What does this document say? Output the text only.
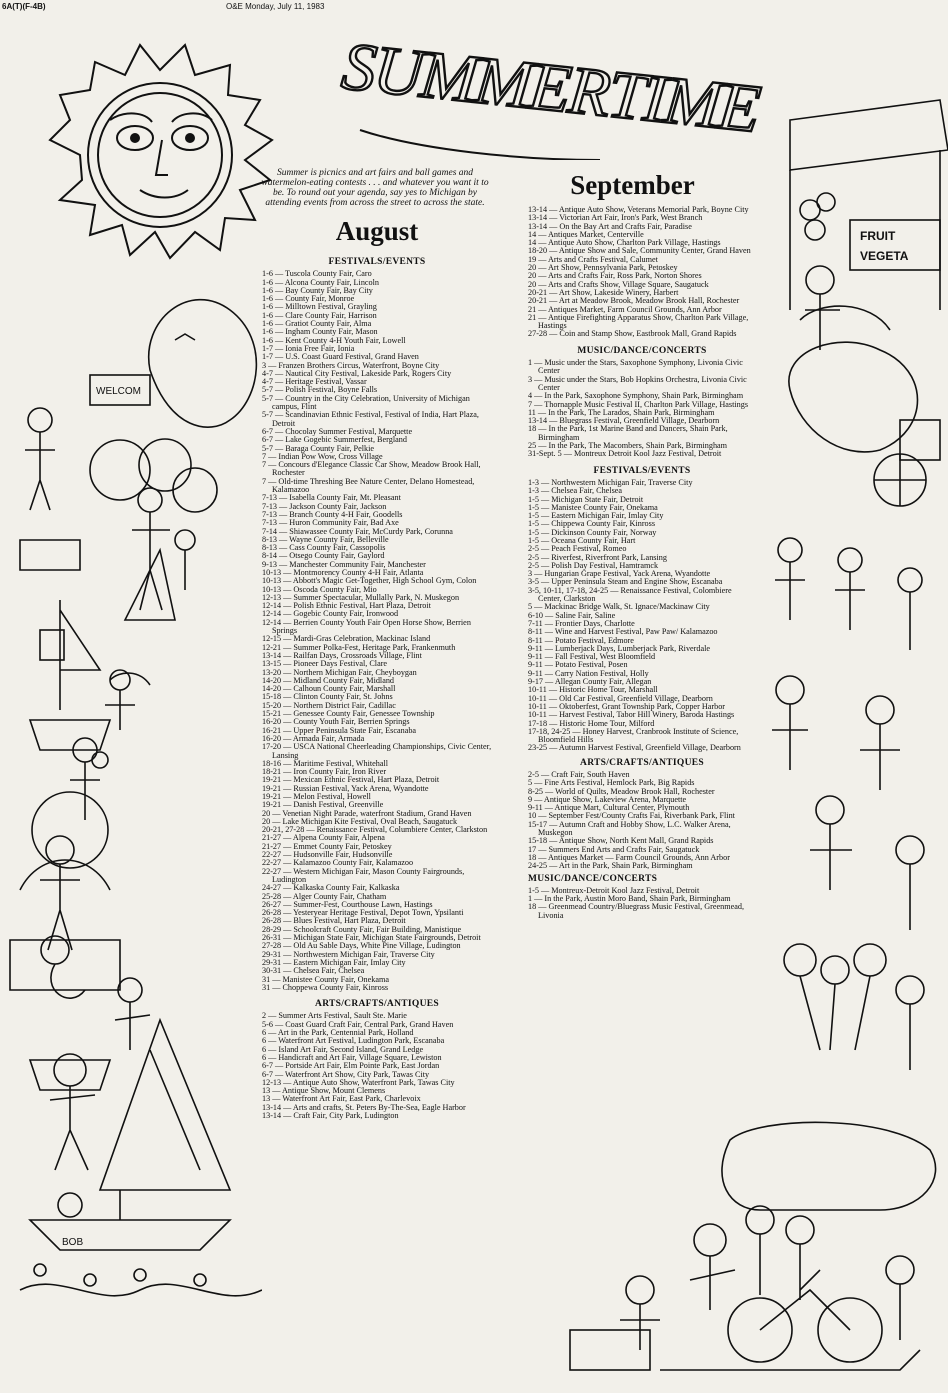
6A(T)(F-4B)	O&E Monday, July 11, 1983
SUMMERTIME
WELCOM
BOB
FRUIT
VEGETA
Summer is picnics and art fairs and ball games and watermelon-eating contests . . . and whatever you want it to be. To round out your agenda, say yes to Michigan by attending events from across the street to across the state.
August
FESTIVALS/EVENTS

1-6 — Tuscola County Fair, Caro

1-6 — Alcona County Fair, Lincoln

1-6 — Bay County Fair, Bay City

1-6 — County Fair, Monroe

1-6 — Milltown Festival, Grayling

1-6 — Clare County Fair, Harrison

1-6 — Gratiot County Fair, Alma

1-6 — Ingham County Fair, Mason

1-6 — Kent County 4-H Youth Fair, Lowell

1-7 — Ionia Free Fair, Ionia

1-7 — U.S. Coast Guard Festival, Grand Haven

3 — Franzen Brothers Circus, Waterfront, Boyne City

4-7 — Nautical City Festival, Lakeside Park, Rogers City

4-7 — Heritage Festival, Vassar

5-7 — Polish Festival, Boyne Falls

5-7 — Country in the City Celebration, University of Michigan campus, Flint

5-7 — Scandinavian Ethnic Festival, Festival of India, Hart Plaza, Detroit

6-7 — Chocolay Summer Festival, Marquette

6-7 — Lake Gogebic Summerfest, Bergland

5-7 — Baraga County Fair, Pelkie

7 — Indian Pow Wow, Cross Village

7 — Concours d'Elegance Classic Car Show, Meadow Brook Hall, Rochester

7 — Old-time Threshing Bee Nature Center, Delano Homestead, Kalamazoo

7-13 — Isabella County Fair, Mt. Pleasant

7-13 — Jackson County Fair, Jackson

7-13 — Branch County 4-H Fair, Goodells

7-13 — Huron Community Fair, Bad Axe

7-14 — Shiawassee County Fair, McCurdy Park, Corunna

8-13 — Wayne County Fair, Belleville

8-13 — Cass County Fair, Cassopolis

8-14 — Otsego County Fair, Gaylord

9-13 — Manchester Community Fair, Manchester

10-13 — Montmorency County 4-H Fair, Atlanta

10-13 — Abbott's Magic Get-Together, High School Gym, Colon

10-13 — Oscoda County Fair, Mio

12-13 — Summer Spectacular, Mullally Park, N. Muskegon

12-14 — Polish Ethnic Festival, Hart Plaza, Detroit

12-14 — Gogebic County Fair, Ironwood

12-14 — Berrien County Youth Fair Open Horse Show, Berrien Springs

12-15 — Mardi-Gras Celebration, Mackinac Island

12-21 — Summer Polka-Fest, Heritage Park, Frankenmuth

13-14 — Railfan Days, Crossroads Village, Flint

13-15 — Pioneer Days Festival, Clare

13-20 — Northern Michigan Fair, Cheyboygan

14-20 — Midland County Fair, Midland

14-20 — Calhoun County Fair, Marshall

15-18 — Clinton County Fair, St. Johns

15-20 — Northern District Fair, Cadillac

15-21 — Genessee County Fair, Genessee Township

16-20 — County Youth Fair, Berrien Springs

16-21 — Upper Peninsula State Fair, Escanaba

16-20 — Armada Fair, Armada

17-20 — USCA National Cheerleading Championships, Civic Center, Lansing

18-16 — Maritime Festival, Whitehall

18-21 — Iron County Fair, Iron River

19-21 — Mexican Ethnic Festival, Hart Plaza, Detroit

19-21 — Russian Festival, Yack Arena, Wyandotte

19-21 — Melon Festival, Howell

19-21 — Danish Festival, Greenville

20 — Venetian Night Parade, waterfront Stadium, Grand Haven

20 — Lake Michigan Kite Festival, Oval Beach, Saugatuck

20-21, 27-28 — Renaissance Festival, Columbiere Center, Clarkston

21-27 — Alpena County Fair, Alpena

21-27 — Emmet County Fair, Petoskey

22-27 — Hudsonville Fair, Hudsonville

22-27 — Kalamazoo County Fair, Kalamazoo

22-27 — Western Michigan Fair, Mason County Fairgrounds, Ludington

24-27 — Kalkaska County Fair, Kalkaska

25-28 — Alger County Fair, Chatham

26-27 — Summer-Fest, Courthouse Lawn, Hastings

26-28 — Yesteryear Heritage Festival, Depot Town, Ypsilanti

26-28 — Blues Festival, Hart Plaza, Detroit

28-29 — Schoolcraft County Fair, Fair Building, Manistique

26-31 — Michigan State Fair, Michigan State Fairgrounds, Detroit

27-28 — Old Au Sable Days, White Pine Village, Ludington

29-31 — Northwestern Michigan Fair, Traverse City

29-31 — Eastern Michigan Fair, Imlay City

30-31 — Chelsea Fair, Chelsea

31 — Manistee County Fair, Onekama

31 — Choppewa County Fair, Kinross

ARTS/CRAFTS/ANTIQUES

2 — Summer Arts Festival, Sault Ste. Marie

5-6 — Coast Guard Craft Fair, Central Park, Grand Haven

6 — Art in the Park, Centennial Park, Holland

6 — Waterfront Art Festival, Ludington Park, Escanaba

6 — Island Art Fair, Second Island, Grand Ledge

6 — Handicraft and Art Fair, Village Square, Lewiston

6-7 — Portside Art Fair, Elm Pointe Park, East Jordan

6-7 — Waterfront Art Show, City Park, Tawas City

12-13 — Antique Auto Show, Waterfront Park, Tawas City

13 — Antique Show, Mount Clemens

13 — Waterfront Art Fair, East Park, Charlevoix

13-14 — Arts and crafts, St. Peters By-The-Sea, Eagle Harbor

13-14 — Craft Fair, City Park, Ludington

September

13-14 — Antique Auto Show, Veterans Memorial Park, Boyne City

13-14 — Victorian Art Fair, Iron's Park, West Branch

13-14 — On the Bay Art and Crafts Fair, Paradise

14 — Antiques Market, Centerville

14 — Antique Auto Show, Charlton Park Village, Hastings

18-20 — Antique Show and Sale, Community Center, Grand Haven

19 — Arts and Crafts Festival, Calumet

20 — Art Show, Pennsylvania Park, Petoskey

20 — Arts and Crafts Fair, Ross Park, Norton Shores

20 — Arts and Crafts Show, Village Square, Saugatuck

20-21 — Art Show, Lakeside Winery, Harbert

20-21 — Art at Meadow Brook, Meadow Brook Hall, Rochester

21 — Antiques Market, Farm Council Grounds, Ann Arbor

21 — Antique Firefighting Apparatus Show, Charlton Park Village, Hastings

27-28 — Coin and Stamp Show, Eastbrook Mall, Grand Rapids

MUSIC/DANCE/CONCERTS

1 — Music under the Stars, Saxophone Symphony, Livonia Civic Center

3 — Music under the Stars, Bob Hopkins Orchestra, Livonia Civic Center

4 — In the Park, Saxophone Symphony, Shain Park, Birmingham

7 — Thornapple Music Festival II, Charlton Park Village, Hastings

11 — In the Park, The Larados, Shain Park, Birmingham

13-14 — Bluegrass Festival, Greenfield Village, Dearborn

18 — In the Park, 1st Marine Band and Dancers, Shain Park, Birmingham

25 — In the Park, The Macombers, Shain Park, Birmingham

31-Sept. 5 — Montreux Detroit Kool Jazz Festival, Detroit

FESTIVALS/EVENTS

1-3 — Northwestern Michigan Fair, Traverse City

1-3 — Chelsea Fair, Chelsea

1-5 — Michigan State Fair, Detroit

1-5 — Manistee County Fair, Onekama

1-5 — Eastern Michigan Fair, Imlay City

1-5 — Chippewa County Fair, Kinross

1-5 — Dickinson County Fair, Norway

1-5 — Oceana County Fair, Hart

2-5 — Peach Festival, Romeo

2-5 — Riverfest, Riverfront Park, Lansing

2-5 — Polish Day Festival, Hamtramck

3 — Hungarian Grape Festival, Yack Arena, Wyandotte

3-5 — Upper Peninsula Steam and Engine Show, Escanaba

3-5, 10-11, 17-18, 24-25 — Renaissance Festival, Colombiere Center, Clarkston

5 — Mackinac Bridge Walk, St. Ignace/Mackinaw City

6-10 — Saline Fair, Saline

7-11 — Frontier Days, Charlotte

8-11 — Wine and Harvest Festival, Paw Paw/ Kalamazoo

8-11 — Potato Festival, Edmore

9-11 — Lumberjack Days, Lumberjack Park, Riverdale

9-11 — Fall Festival, West Bloomfield

9-11 — Potato Festival, Posen

9-11 — Carry Nation Festival, Holly

9-17 — Allegan County Fair, Allegan

10-11 — Historic Home Tour, Marshall

10-11 — Old Car Festival, Greenfield Village, Dearborn

10-11 — Oktoberfest, Grant Township Park, Copper Harbor

10-11 — Harvest Festival, Tabor Hill Winery, Baroda Hastings

17-18 — Historic Home Tour, Milford

17-18, 24-25 — Honey Harvest, Cranbrook Institute of Science, Bloomfield Hills

23-25 — Autumn Harvest Festival, Greenfield Village, Dearborn

ARTS/CRAFTS/ANTIQUES

2-5 — Craft Fair, South Haven

5 — Fine Arts Festival, Hemlock Park, Big Rapids

8-25 — World of Quilts, Meadow Brook Hall, Rochester

9 — Antique Show, Lakeview Arena, Marquette

9-11 — Antique Mart, Cultural Center, Plymouth

10 — September Fest/County Crafts Fai, Riverbank Park, Flint

15-17 — Autumn Craft and Hobby Show, L.C. Walker Arena, Muskegon

15-18 — Antique Show, North Kent Mall, Grand Rapids

17 — Summers End Arts and Crafts Fair, Saugatuck

18 — Antiques Market — Farm Council Grounds, Ann Arbor

24-25 — Art in the Park, Shain Park, Birmingham

MUSIC/DANCE/CONCERTS

1-5 — Montreux-Detroit Kool Jazz Festival, Detroit

1 — In the Park, Austin Moro Band, Shain Park, Birmingham

18 — Greenmead Country/Bluegrass Music Festival, Greenmead, Livonia
